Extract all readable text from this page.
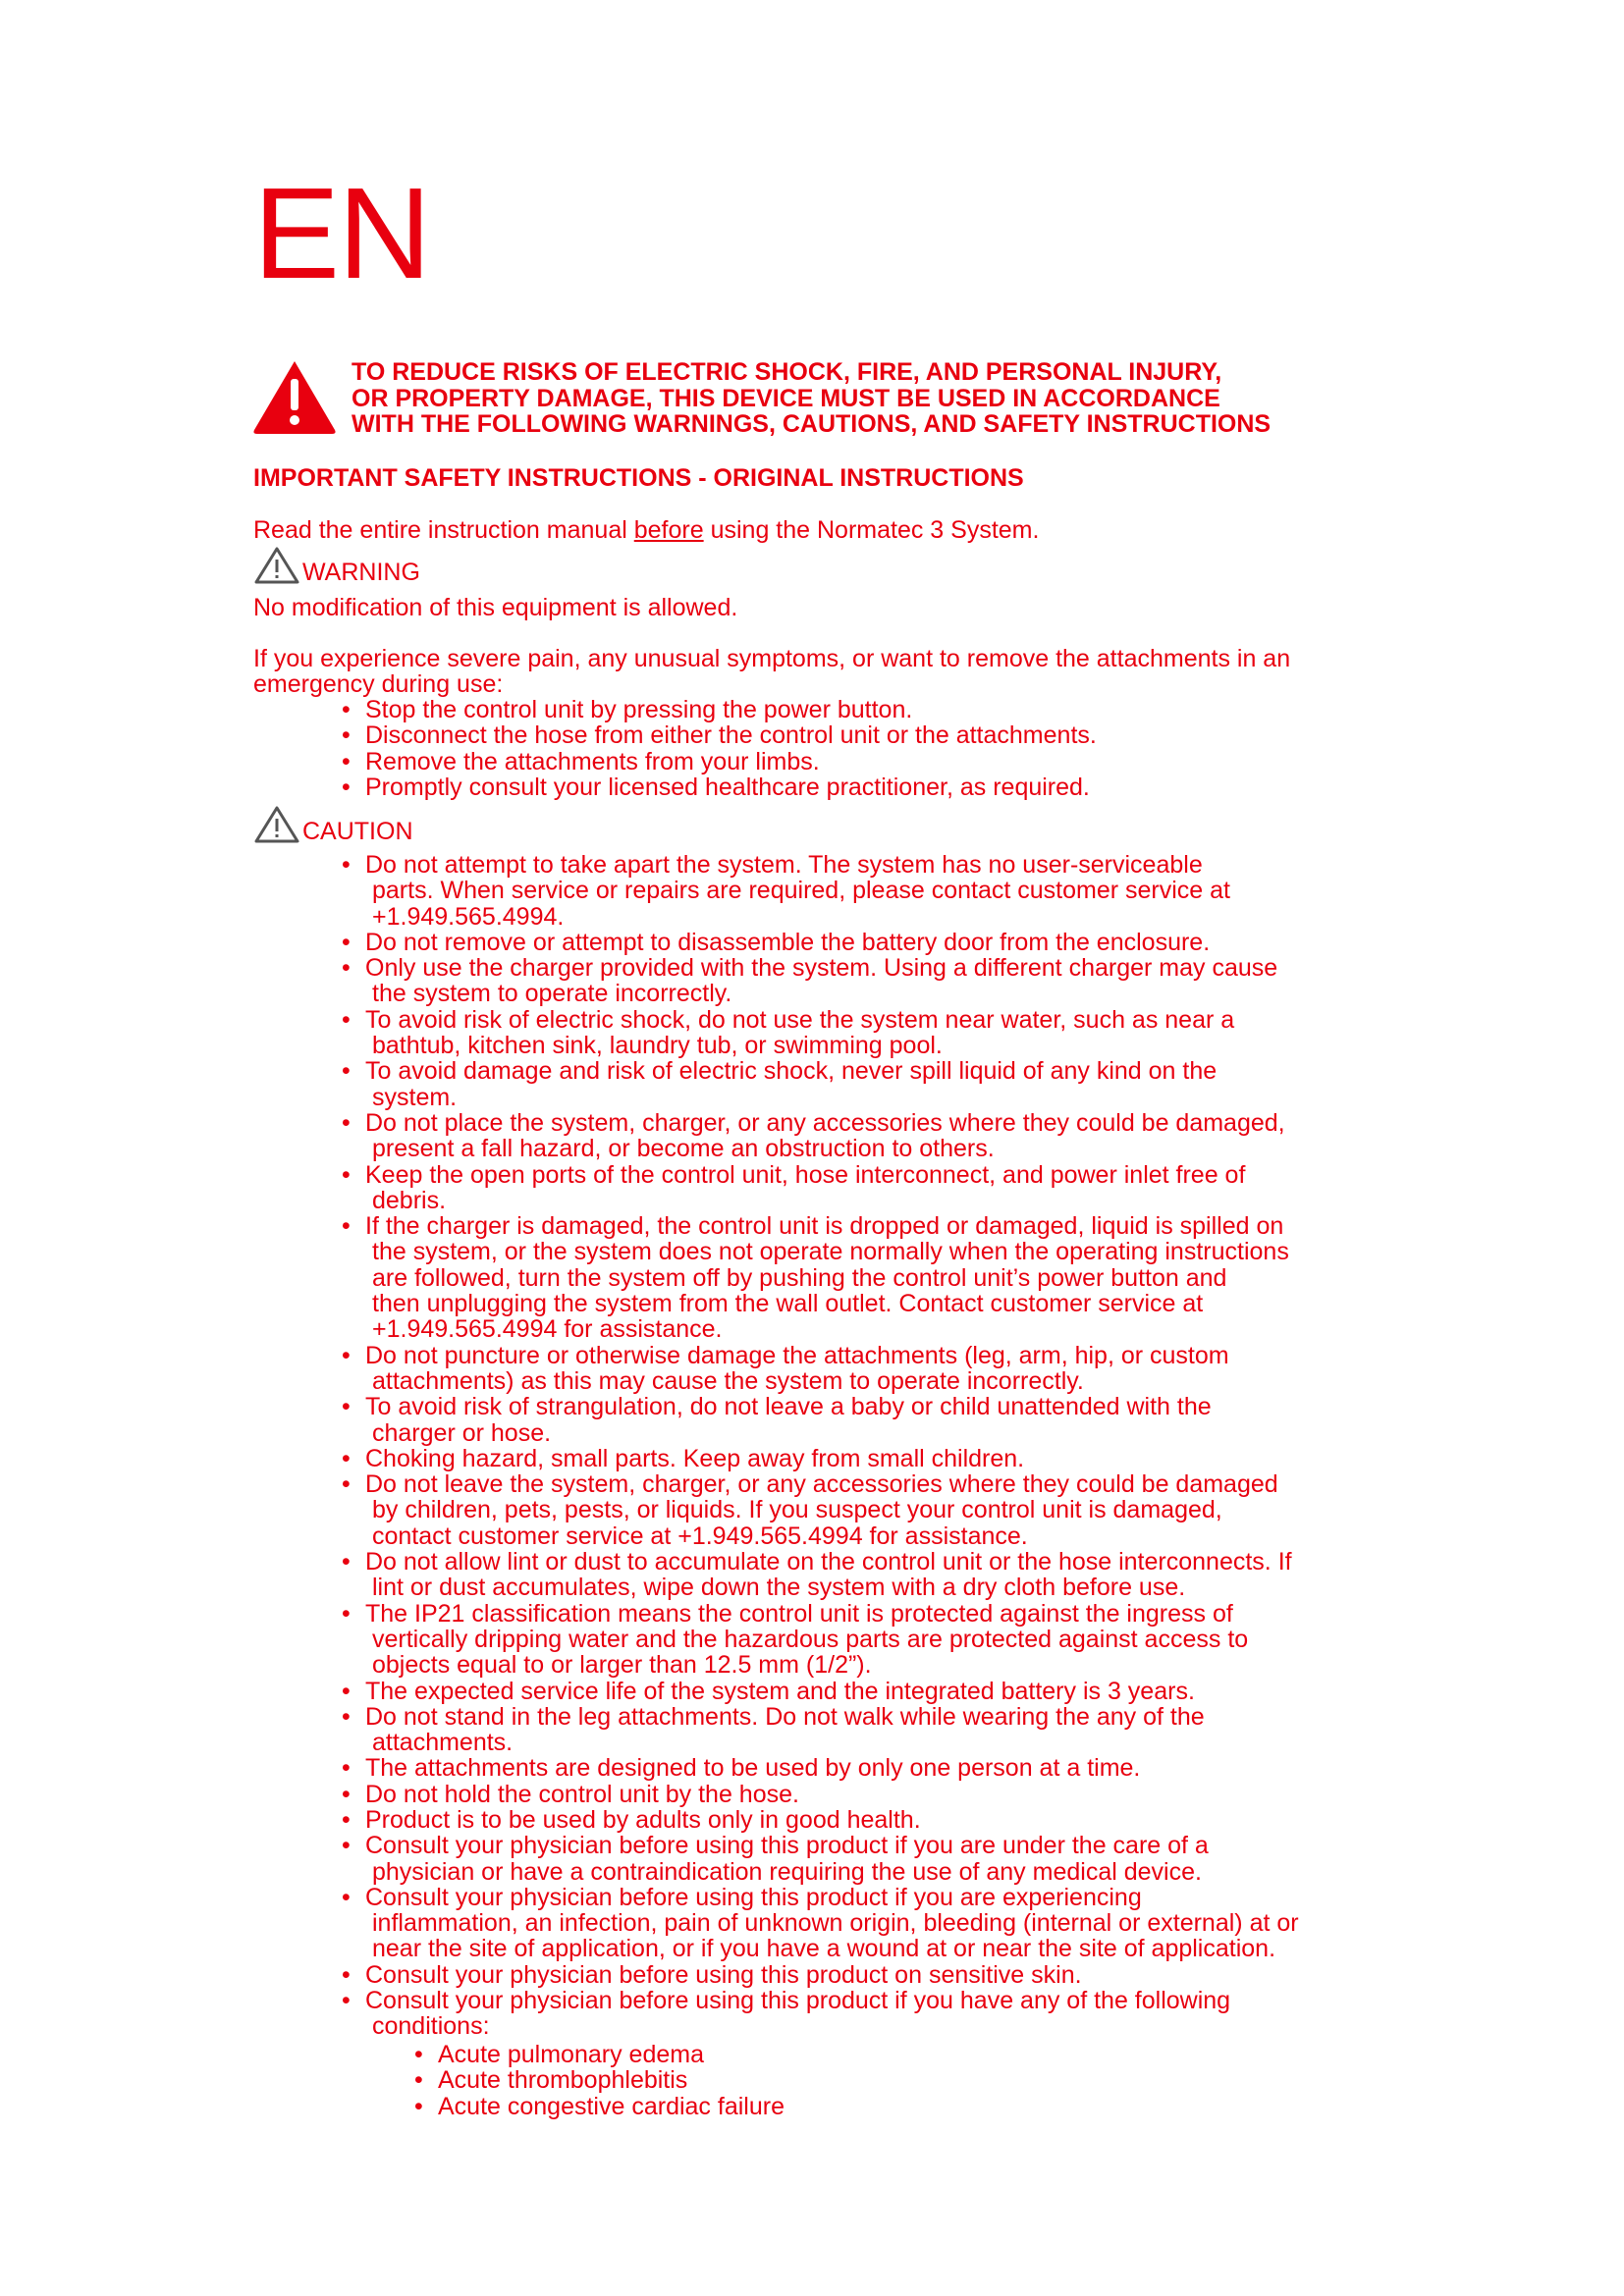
EN
TO REDUCE RISKS OF ELECTRIC SHOCK, FIRE, AND PERSONAL INJURY,
OR PROPERTY DAMAGE, THIS DEVICE MUST BE USED IN ACCORDANCE
WITH THE FOLLOWING WARNINGS, CAUTIONS, AND SAFETY INSTRUCTIONS
IMPORTANT SAFETY INSTRUCTIONS - ORIGINAL INSTRUCTIONS
Read the entire instruction manual before using the Normatec 3 System.
WARNING
No modification of this equipment is allowed.
If you experience severe pain, any unusual symptoms, or want to remove the attachments in an emergency during use:
• Stop the control unit by pressing the power button.
• Disconnect the hose from either the control unit or the attachments.
• Remove the attachments from your limbs.
• Promptly consult your licensed healthcare practitioner, as required.
CAUTION
• Do not attempt to take apart the system. The system has no user-serviceable
parts. When service or repairs are required, please contact customer service at
+1.949.565.4994.
• Do not remove or attempt to disassemble the battery door from the enclosure.
• Only use the charger provided with the system. Using a different charger may cause
the system to operate incorrectly.
• To avoid risk of electric shock, do not use the system near water, such as near a
bathtub, kitchen sink, laundry tub, or swimming pool.
• To avoid damage and risk of electric shock, never spill liquid of any kind on the
system.
• Do not place the system, charger, or any accessories where they could be damaged,
present a fall hazard, or become an obstruction to others.
• Keep the open ports of the control unit, hose interconnect, and power inlet free of
debris.
• If the charger is damaged, the control unit is dropped or damaged, liquid is spilled on
the system, or the system does not operate normally when the operating instructions
are followed, turn the system off by pushing the control unit’s power button and
then unplugging the system from the wall outlet. Contact customer service at
+1.949.565.4994 for assistance.
• Do not puncture or otherwise damage the attachments (leg, arm, hip, or custom
attachments) as this may cause the system to operate incorrectly.
• To avoid risk of strangulation, do not leave a baby or child unattended with the
charger or hose.
• Choking hazard, small parts. Keep away from small children.
• Do not leave the system, charger, or any accessories where they could be damaged
by children, pets, pests, or liquids. If you suspect your control unit is damaged,
contact customer service at +1.949.565.4994 for assistance.
• Do not allow lint or dust to accumulate on the control unit or the hose interconnects. If
lint or dust accumulates, wipe down the system with a dry cloth before use.
• The IP21 classification means the control unit is protected against the ingress of
vertically dripping water and the hazardous parts are protected against access to
objects equal to or larger than 12.5 mm (1/2”).
• The expected service life of the system and the integrated battery is 3 years.
• Do not stand in the leg attachments. Do not walk while wearing the any of the
attachments.
• The attachments are designed to be used by only one person at a time.
• Do not hold the control unit by the hose.
• Product is to be used by adults only in good health.
• Consult your physician before using this product if you are under the care of a
physician or have a contraindication requiring the use of any medical device.
• Consult your physician before using this product if you are experiencing
inflammation, an infection, pain of unknown origin, bleeding (internal or external) at or
near the site of application, or if you have a wound at or near the site of application.
• Consult your physician before using this product on sensitive skin.
• Consult your physician before using this product if you have any of the following
conditions:
• Acute pulmonary edema
• Acute thrombophlebitis
• Acute congestive cardiac failure
